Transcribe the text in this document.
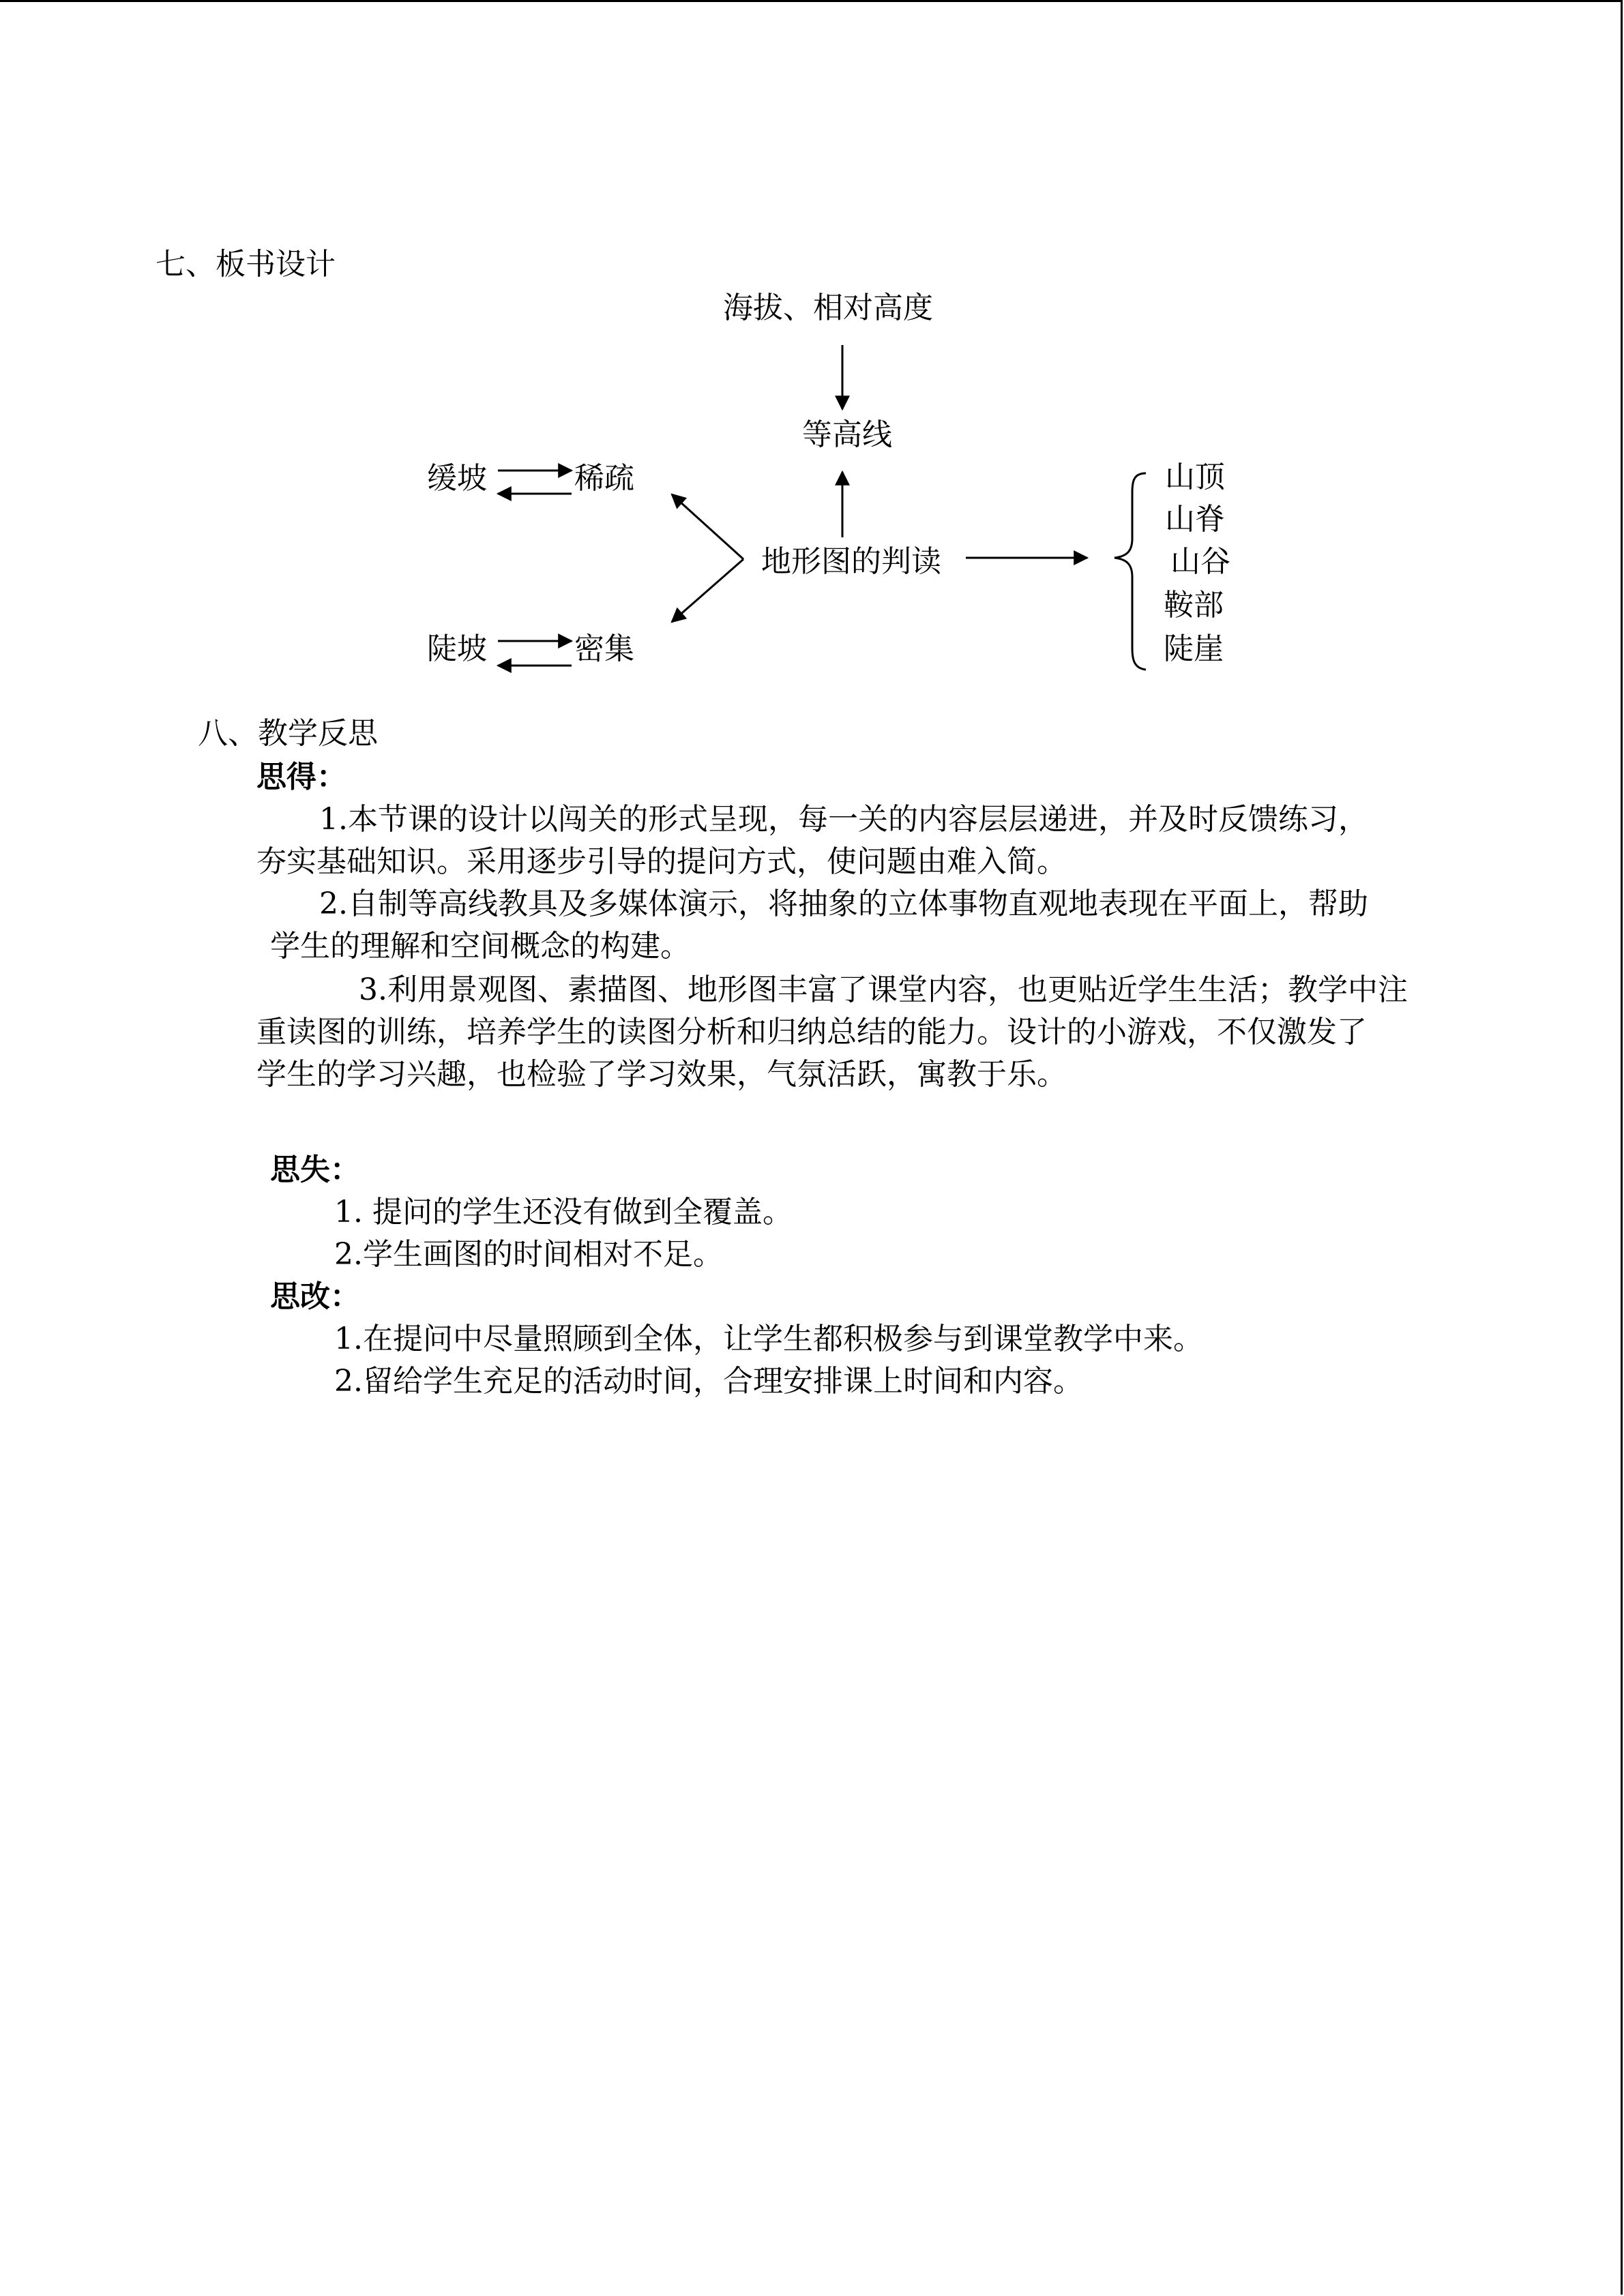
七、板书设计
海拔、相对高度
等高线
地形图的判读
缓坡	稀疏
陡坡	密集
山顶
山脊
山谷
鞍部
陡崖
八、教学反思
思得：
1.本节课的设计以闯关的形式呈现，每一关的内容层层递进，并及时反馈练习，
夯实基础知识。采用逐步引导的提问方式，使问题由难入简。
2.自制等高线教具及多媒体演示，将抽象的立体事物直观地表现在平面上，帮助
学生的理解和空间概念的构建。
3.利用景观图、素描图、地形图丰富了课堂内容，也更贴近学生生活；教学中注
重读图的训练，培养学生的读图分析和归纳总结的能力。设计的小游戏，不仅激发了
学生的学习兴趣，也检验了学习效果，气氛活跃，寓教于乐。
思失：
1. 提问的学生还没有做到全覆盖。
2.学生画图的时间相对不足。
思改：
1.在提问中尽量照顾到全体，让学生都积极参与到课堂教学中来。
2.留给学生充足的活动时间，合理安排课上时间和内容。
